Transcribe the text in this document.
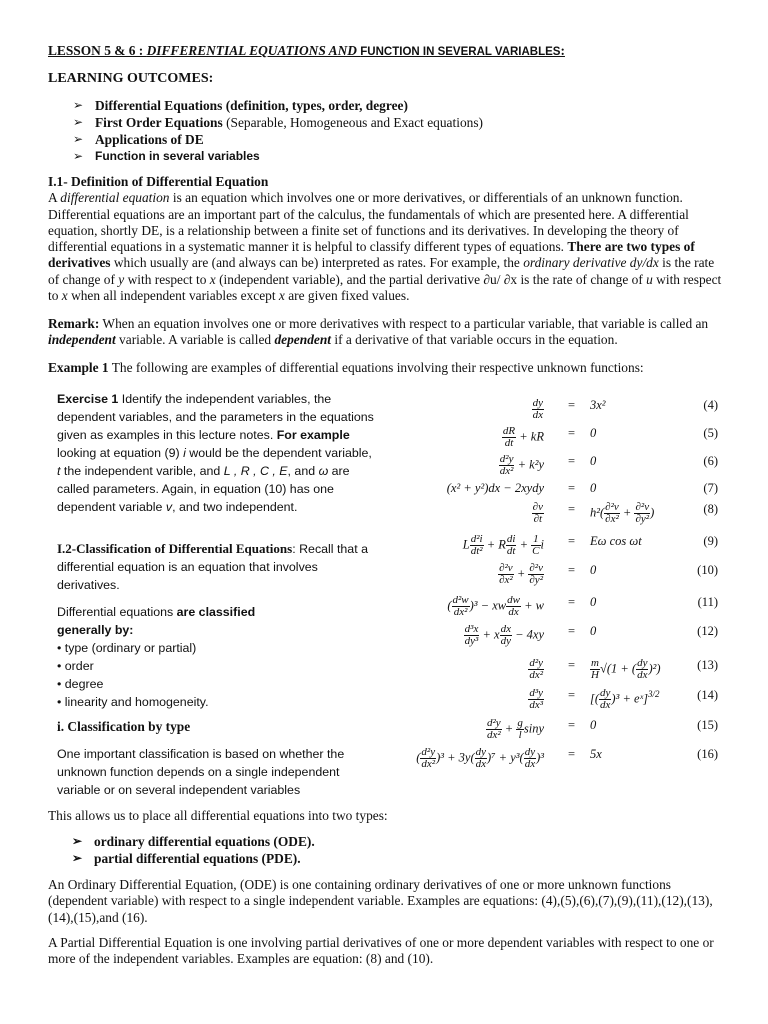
LESSON 5 & 6 : DIFFERENTIAL EQUATIONS AND FUNCTION IN SEVERAL VARIABLES:
LEARNING OUTCOMES:
➢ Differential Equations (definition, types, order, degree)
➢ First Order Equations (Separable, Homogeneous and Exact equations)
➢ Applications of DE
➢ Function in several variables
I.1- Definition of Differential Equation

A differential equation is an equation which involves one or more derivatives, or differentials of an unknown function. Differential equations are an important part of the calculus, the fundamentals of which are presented here. A differential equation, shortly DE, is a relationship between a finite set of functions and its derivatives. In developing the theory of differential equations in a systematic manner it is helpful to classify different types of equations. There are two types of derivatives which usually are (and always can be) interpreted as rates. For example, the ordinary derivative dy/dx is the rate of change of y with respect to x (independent variable), and the partial derivative ∂u/ ∂x is the rate of change of u with respect to x when all independent variables except x are given fixed values.

Remark: When an equation involves one or more derivatives with respect to a particular variable, that variable is called an independent variable. A variable is called dependent if a derivative of that variable occurs in the equation.

Example 1 The following are examples of differential equations involving their respective unknown functions:

Exercise 1 Identify the independent variables, the dependent variables, and the parameters in the equations given as examples in this lecture notes. For example looking at equation (9) i would be the dependent variable, t the independent varible, and L , R , C , E, and ω are called parameters. Again, in equation (10) has one dependent variable v, and two independent.

I.2-Classification of Differential Equations: Recall that a differential equation is an equation that involves derivatives.

Differential equations are classified

generally by:

• type (ordinary or partial)

• order

• degree

• linearity and homogeneity.

i. Classification by type
One important classification is based on whether the unknown function depends on a single independent variable or on several independent variables
$\frac{dy}{dx} = 3x^2$	(4)
$\frac{dR}{dt}$ + kR = 0	(5)
$\frac{\text{d²y}}{\text{dx²}} + k^2y = 0$	(6)
(x² + y²)dx − 2xydy = 0	(7)
$\frac{\partial v}{\partial t} = h^2( \frac{\text{∂²v}}{\text{∂x²}} + \frac{\text{∂²v}}{\text{∂y²}}$ )	(8)
L $\frac{\text{d²i}}{\text{dt²}} + R \frac{di}{dt} + \frac{1}{C}$ i = Eω cos ωt	(9)
$\frac{\text{∂²v}}{\text{∂x²}} + \frac{\text{∂²v}}{\text{∂y²}} = 0$	(10)
( $\frac{\text{d²w}}{\text{dx²}} )^3$ − xw $\frac{dw}{dx} + w = 0$	(11)
$\frac{\text{d³x}}{\text{dy³}} + x \frac{dx}{dy} - 4xy = 0$	(12)
$\frac{\text{d²y}}{\text{dx²}} = \frac{m}{H} √(1$ + ( $\frac{dy}{dx} )^2$)	(13)
$\frac{\text{d³y}}{\text{dx³}}$ = [( $\frac{dy}{dx} )^3$ + eˣ]$^{3/2}$	(14)
$\frac{\text{d²y}}{\text{dx²}} + \frac{g}{l}$ siny = 0	(15)
( $\frac{\text{d²y}}{\text{dx²}} )^3 + 3y( \frac{dy}{dx} )^7 + y^3( \frac{dy}{dx} )^3 = 5x$	(16)
This allows us to place all differential equations into two types:
➢ ordinary differential equations (ODE).
➢ partial differential equations (PDE).
An Ordinary Differential Equation, (ODE) is one containing ordinary derivatives of one or more unknown functions (dependent variable) with respect to a single independent variable. Examples are equations: (4),(5),(6),(7),(9),(11),(12),(13),(14),(15),and (16).
A Partial Differential Equation is one involving partial derivatives of one or more dependent variables with respect to one or more of the independent variables. Examples are equation: (8) and (10).
